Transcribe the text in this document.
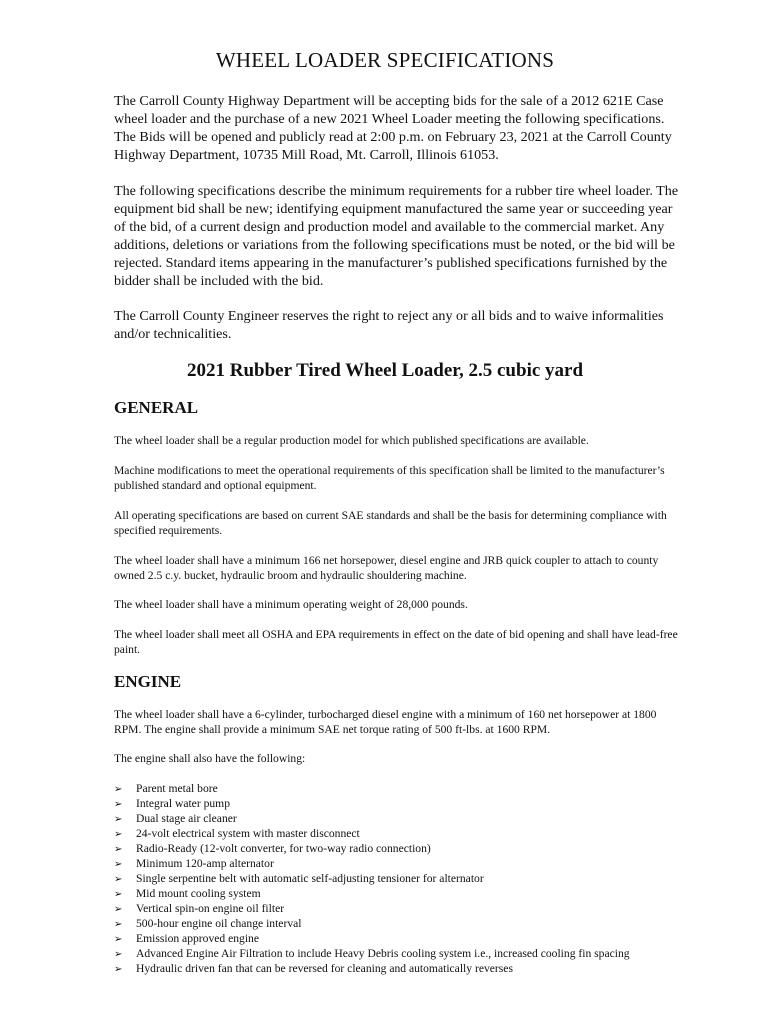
WHEEL LOADER SPECIFICATIONS

The Carroll County Highway Department will be accepting bids for the sale of a 2012 621E Case wheel loader and the purchase of a new 2021 Wheel Loader meeting the following specifications. The Bids will be opened and publicly read at 2:00 p.m. on February 23, 2021 at the Carroll County Highway Department, 10735 Mill Road, Mt. Carroll, Illinois 61053.

The following specifications describe the minimum requirements for a rubber tire wheel loader. The equipment bid shall be new; identifying equipment manufactured the same year or succeeding year of the bid, of a current design and production model and available to the commercial market. Any additions, deletions or variations from the following specifications must be noted, or the bid will be rejected. Standard items appearing in the manufacturer’s published specifications furnished by the bidder shall be included with the bid.

The Carroll County Engineer reserves the right to reject any or all bids and to waive informalities and/or technicalities.

2021 Rubber Tired Wheel Loader, 2.5 cubic yard
GENERAL

The wheel loader shall be a regular production model for which published specifications are available.

Machine modifications to meet the operational requirements of this specification shall be limited to the manufacturer’s published standard and optional equipment.

All operating specifications are based on current SAE standards and shall be the basis for determining compliance with specified requirements.

The wheel loader shall have a minimum 166 net horsepower, diesel engine and JRB quick coupler to attach to county owned 2.5 c.y. bucket, hydraulic broom and hydraulic shouldering machine.

The wheel loader shall have a minimum operating weight of 28,000 pounds.

The wheel loader shall meet all OSHA and EPA requirements in effect on the date of bid opening and shall have lead-free paint.

ENGINE

The wheel loader shall have a 6-cylinder, turbocharged diesel engine with a minimum of 160 net horsepower at 1800 RPM. The engine shall provide a minimum SAE net torque rating of 500 ft-lbs. at 1600 RPM.

The engine shall also have the following:

➢ Parent metal bore
➢ Integral water pump
➢ Dual stage air cleaner
➢ 24-volt electrical system with master disconnect
➢ Radio-Ready (12-volt converter, for two-way radio connection)
➢ Minimum 120-amp alternator
➢ Single serpentine belt with automatic self-adjusting tensioner for alternator
➢ Mid mount cooling system
➢ Vertical spin-on engine oil filter
➢ 500-hour engine oil change interval
➢ Emission approved engine
➢ Advanced Engine Air Filtration to include Heavy Debris cooling system i.e., increased cooling fin spacing
➢ Hydraulic driven fan that can be reversed for cleaning and automatically reverses
